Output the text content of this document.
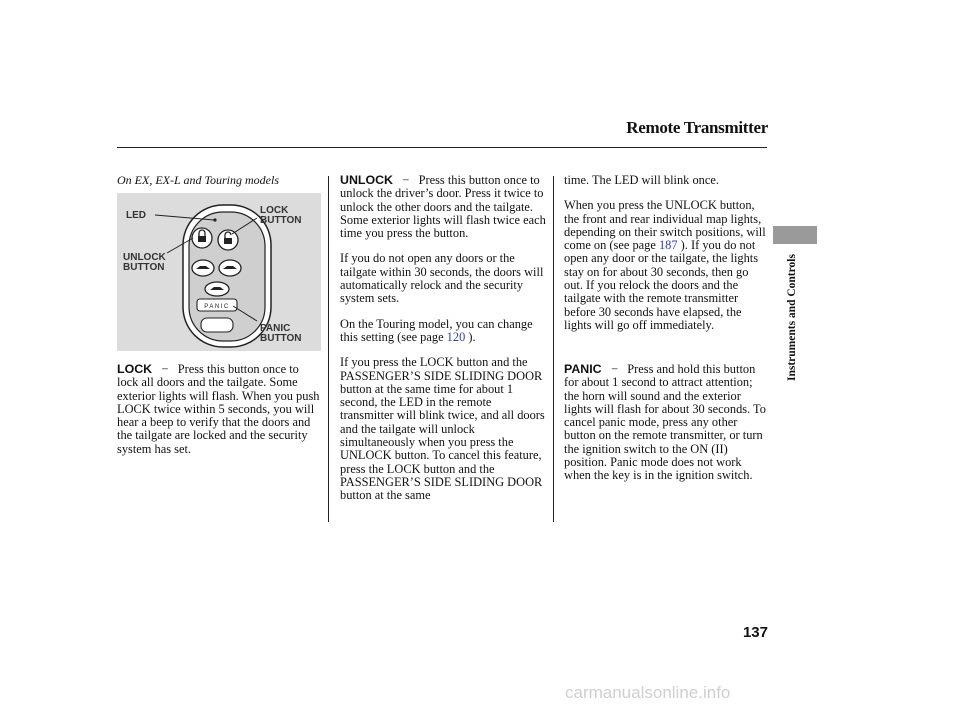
Remote Transmitter
Instruments and Controls
On EX, EX-L and Touring models
PANIC
LED	LOCK
BUTTON
UNLOCK
BUTTON
PANIC
BUTTON

LOCK − Press this button once to lock all doors and the tailgate. Some exterior lights will flash. When you push LOCK twice within 5 seconds, you will hear a beep to verify that the doors and the tailgate are locked and the security system has set.

UNLOCK − Press this button once to unlock the driver’s door. Press it twice to unlock the other doors and the tailgate. Some exterior lights will flash twice each time you press the button.

If you do not open any doors or the tailgate within 30 seconds, the doors will automatically relock and the security system sets.

On the Touring model, you can change this setting (see page 120 ).

If you press the LOCK button and the PASSENGER’S SIDE SLIDING DOOR button at the same time for about 1 second, the LED in the remote transmitter will blink twice, and all doors and the tailgate will unlock simultaneously when you press the UNLOCK button. To cancel this feature, press the LOCK button and the PASSENGER’S SIDE SLIDING DOOR button at the same

time. The LED will blink once.

When you press the UNLOCK button, the front and rear individual map lights, depending on their switch positions, will come on (see page 187 ). If you do not open any door or the tailgate, the lights stay on for about 30 seconds, then go out. If you relock the doors and the tailgate with the remote transmitter before 30 seconds have elapsed, the lights will go off immediately.

PANIC − Press and hold this button for about 1 second to attract attention; the horn will sound and the exterior lights will flash for about 30 seconds. To cancel panic mode, press any other button on the remote transmitter, or turn the ignition switch to the ON (II) position. Panic mode does not work when the key is in the ignition switch.

137
carmanualsonline.info
